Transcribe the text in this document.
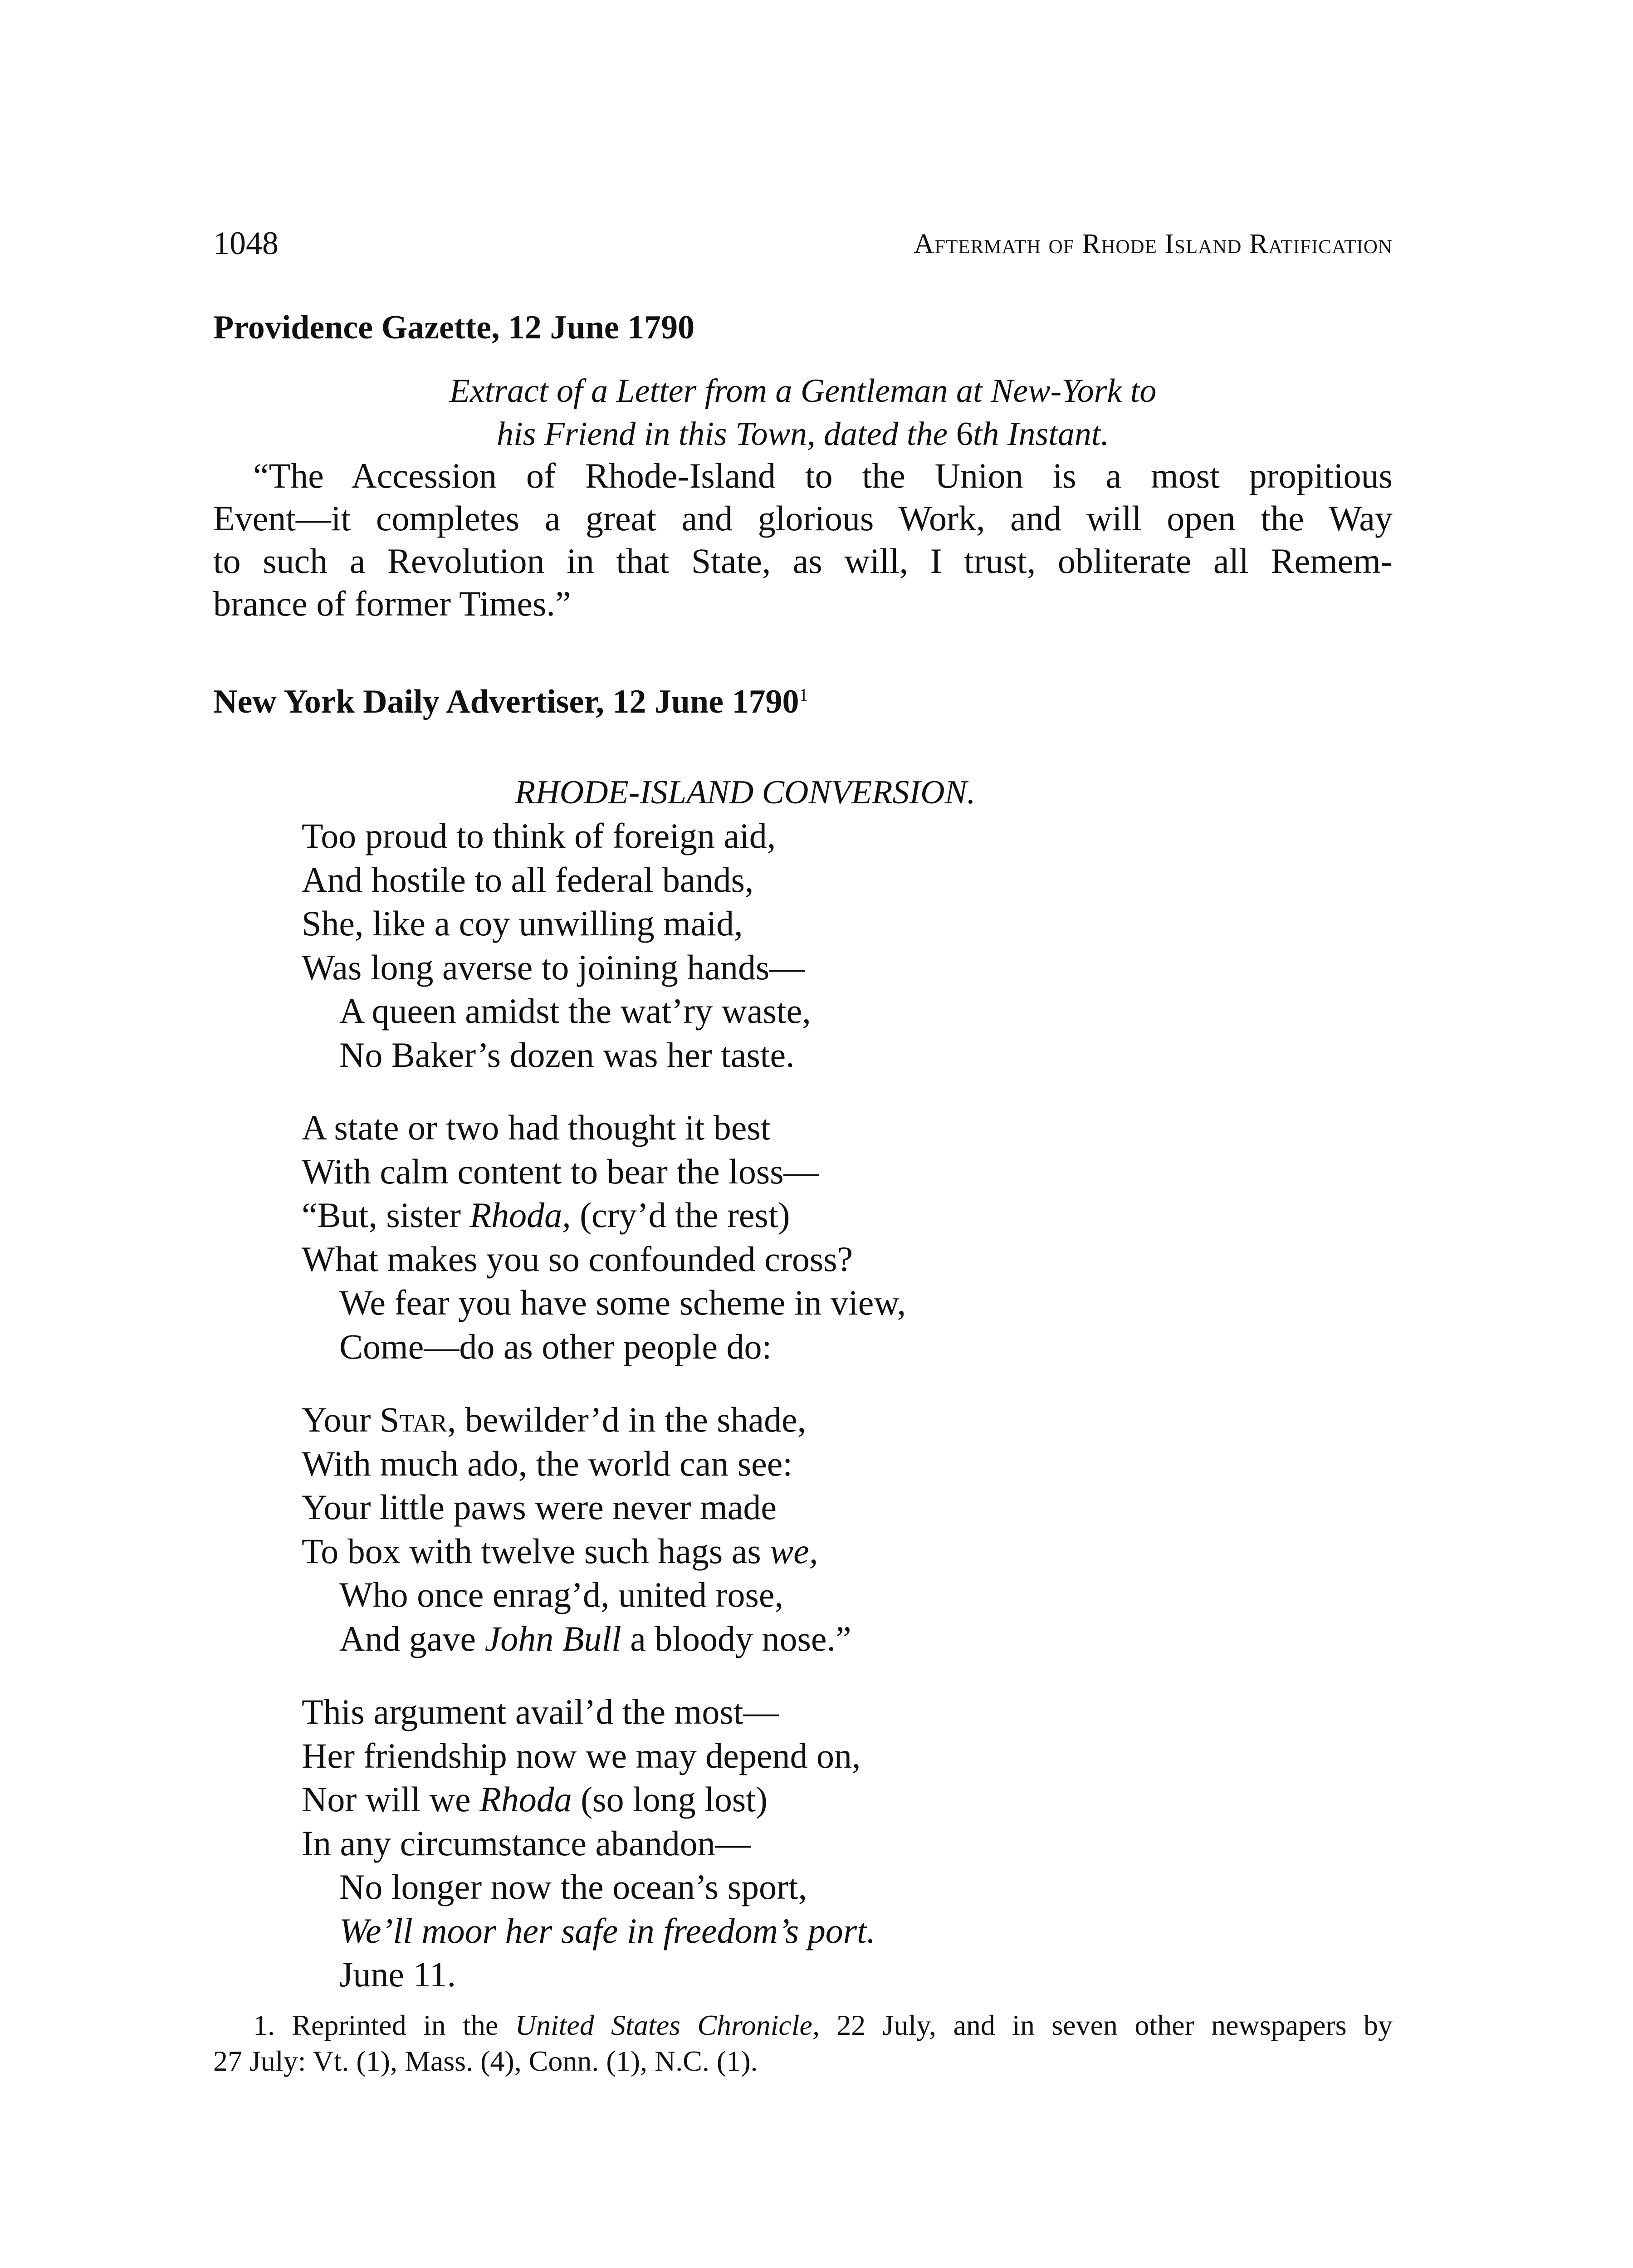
1048	Aftermath of Rhode Island Ratification
Providence Gazette, 12 June 1790
Extract of a Letter from a Gentleman at New-York to
his Friend in this Town, dated the 6th Instant.
“The Accession of Rhode-Island to the Union is a most propitious
Event—it completes a great and glorious Work, and will open the Way
to such a Revolution in that State, as will, I trust, obliterate all Remem-
brance of former Times.”
New York Daily Advertiser, 12 June 1790$^1$
RHODE-ISLAND CONVERSION.
Too proud to think of foreign aid,
And hostile to all federal bands,
She, like a coy unwilling maid,
Was long averse to joining hands—
A queen amidst the wat’ry waste,
No Baker’s dozen was her taste.
A state or two had thought it best
With calm content to bear the loss—
“But, sister Rhoda, (cry’d the rest)
What makes you so confounded cross?
We fear you have some scheme in view,
Come—do as other people do:
Your Star, bewilder’d in the shade,
With much ado, the world can see:
Your little paws were never made
To box with twelve such hags as we,
Who once enrag’d, united rose,
And gave John Bull a bloody nose.”
This argument avail’d the most—
Her friendship now we may depend on,
Nor will we Rhoda (so long lost)
In any circumstance abandon—
No longer now the ocean’s sport,
We’ll moor her safe in freedom’s port.
June 11.
1. Reprinted in the United States Chronicle, 22 July, and in seven other newspapers by
27 July: Vt. (1), Mass. (4), Conn. (1), N.C. (1).
